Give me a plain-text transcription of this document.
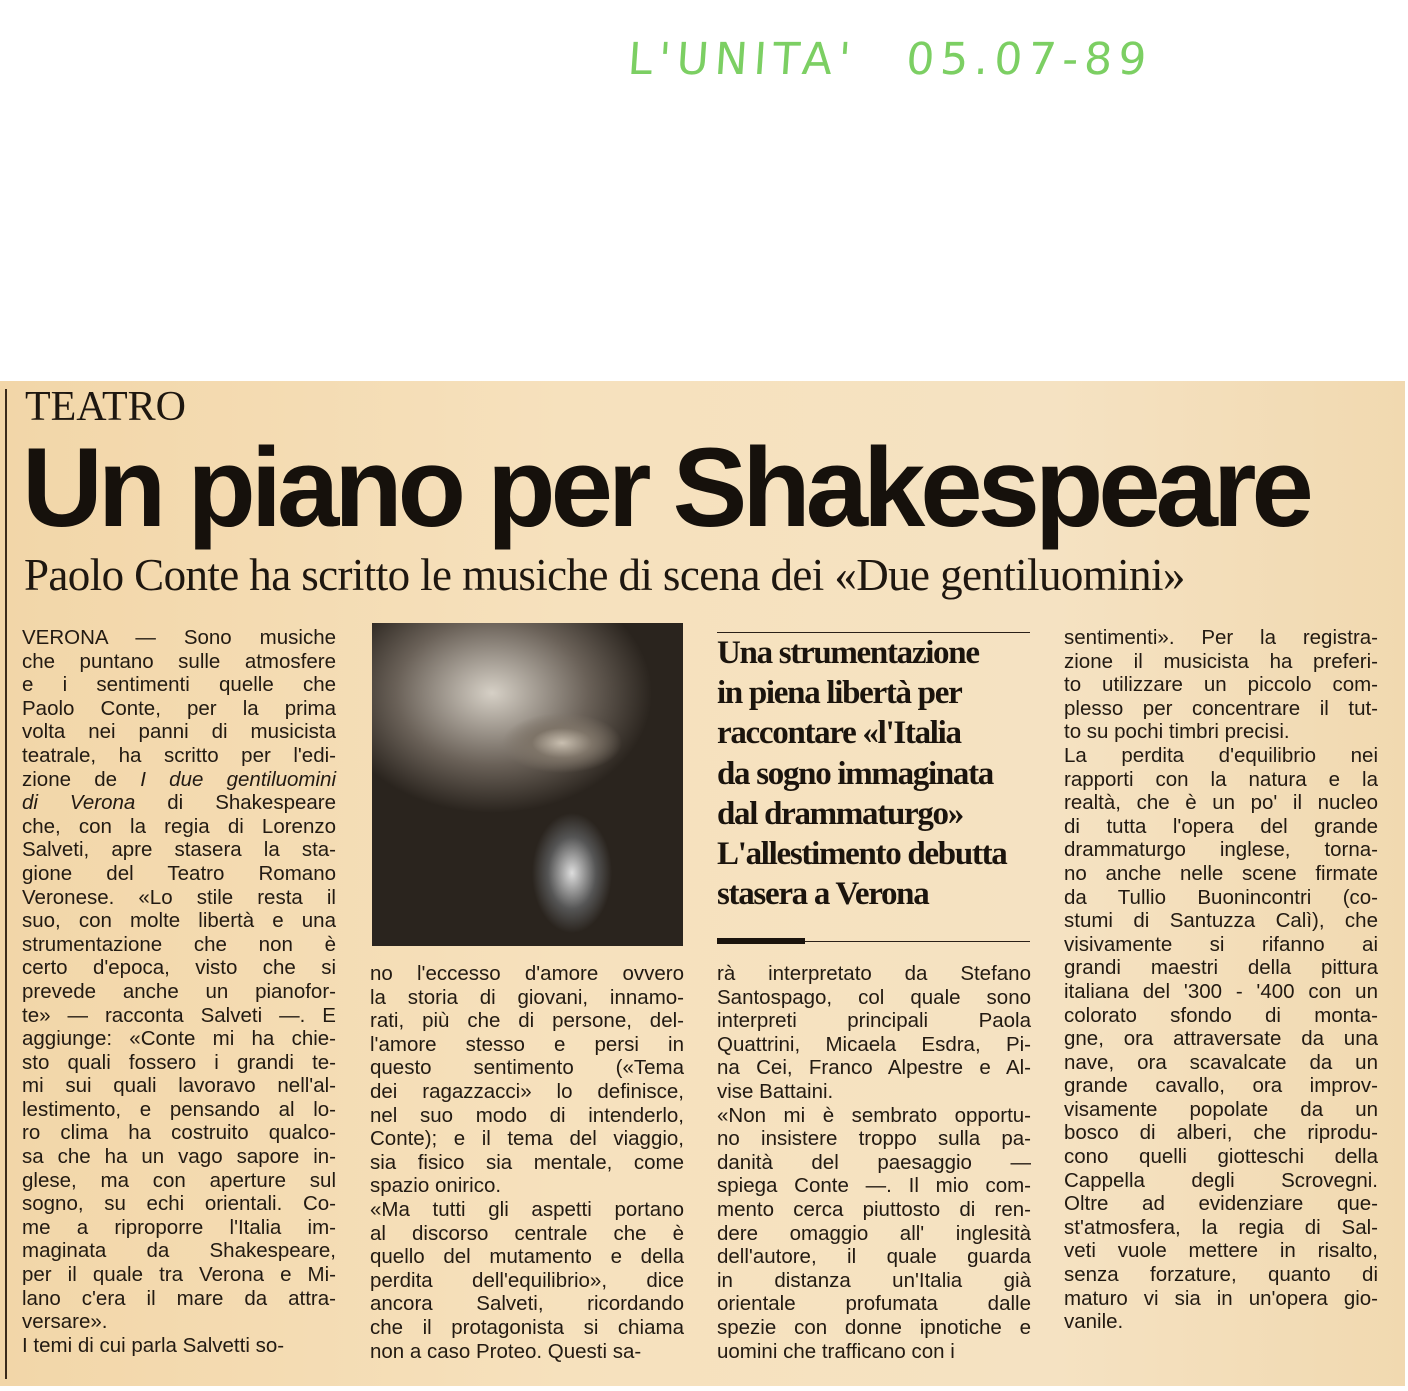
L'UNITA' 05.07-89
TEATRO
Un piano per Shakespeare
Paolo Conte ha scritto le musiche di scena dei «Due gentiluomini»
Una strumentazione
in piena libertà per
raccontare «l'Italia
da sogno immaginata
dal drammaturgo»
L'allestimento debutta
stasera a Verona
VERONA — Sono musiche
che puntano sulle atmosfere
e i sentimenti quelle che
Paolo Conte, per la prima
volta nei panni di musicista
teatrale, ha scritto per l'edi-
zione de I due gentiluomini
di Verona di Shakespeare
che, con la regia di Lorenzo
Salveti, apre stasera la sta-
gione del Teatro Romano
Veronese. «Lo stile resta il
suo, con molte libertà e una
strumentazione che non è
certo d'epoca, visto che si
prevede anche un pianofor-
te» — racconta Salveti —. E
aggiunge: «Conte mi ha chie-
sto quali fossero i grandi te-
mi sui quali lavoravo nell'al-
lestimento, e pensando al lo-
ro clima ha costruito qualco-
sa che ha un vago sapore in-
glese, ma con aperture sul
sogno, su echi orientali. Co-
me a riproporre l'Italia im-
maginata da Shakespeare,
per il quale tra Verona e Mi-
lano c'era il mare da attra-
versare».
I temi di cui parla Salvetti so-
no l'eccesso d'amore ovvero
la storia di giovani, innamo-
rati, più che di persone, del-
l'amore stesso e persi in
questo sentimento («Tema
dei ragazzacci» lo definisce,
nel suo modo di intenderlo,
Conte); e il tema del viaggio,
sia fisico sia mentale, come
spazio onirico.
«Ma tutti gli aspetti portano
al discorso centrale che è
quello del mutamento e della
perdita dell'equilibrio», dice
ancora Salveti, ricordando
che il protagonista si chiama
non a caso Proteo. Questi sa-
rà interpretato da Stefano
Santospago, col quale sono
interpreti principali Paola
Quattrini, Micaela Esdra, Pi-
na Cei, Franco Alpestre e Al-
vise Battaini.
«Non mi è sembrato opportu-
no insistere troppo sulla pa-
danità del paesaggio —
spiega Conte —. Il mio com-
mento cerca piuttosto di ren-
dere omaggio all' inglesità
dell'autore, il quale guarda
in distanza un'Italia già
orientale profumata dalle
spezie con donne ipnotiche e
uomini che trafficano con i
sentimenti». Per la registra-
zione il musicista ha preferi-
to utilizzare un piccolo com-
plesso per concentrare il tut-
to su pochi timbri precisi.
La perdita d'equilibrio nei
rapporti con la natura e la
realtà, che è un po' il nucleo
di tutta l'opera del grande
drammaturgo inglese, torna-
no anche nelle scene firmate
da Tullio Buonincontri (co-
stumi di Santuzza Calì), che
visivamente si rifanno ai
grandi maestri della pittura
italiana del '300 - '400 con un
colorato sfondo di monta-
gne, ora attraversate da una
nave, ora scavalcate da un
grande cavallo, ora improv-
visamente popolate da un
bosco di alberi, che riprodu-
cono quelli giotteschi della
Cappella degli Scrovegni.
Oltre ad evidenziare que-
st'atmosfera, la regia di Sal-
veti vuole mettere in risalto,
senza forzature, quanto di
maturo vi sia in un'opera gio-
vanile.
